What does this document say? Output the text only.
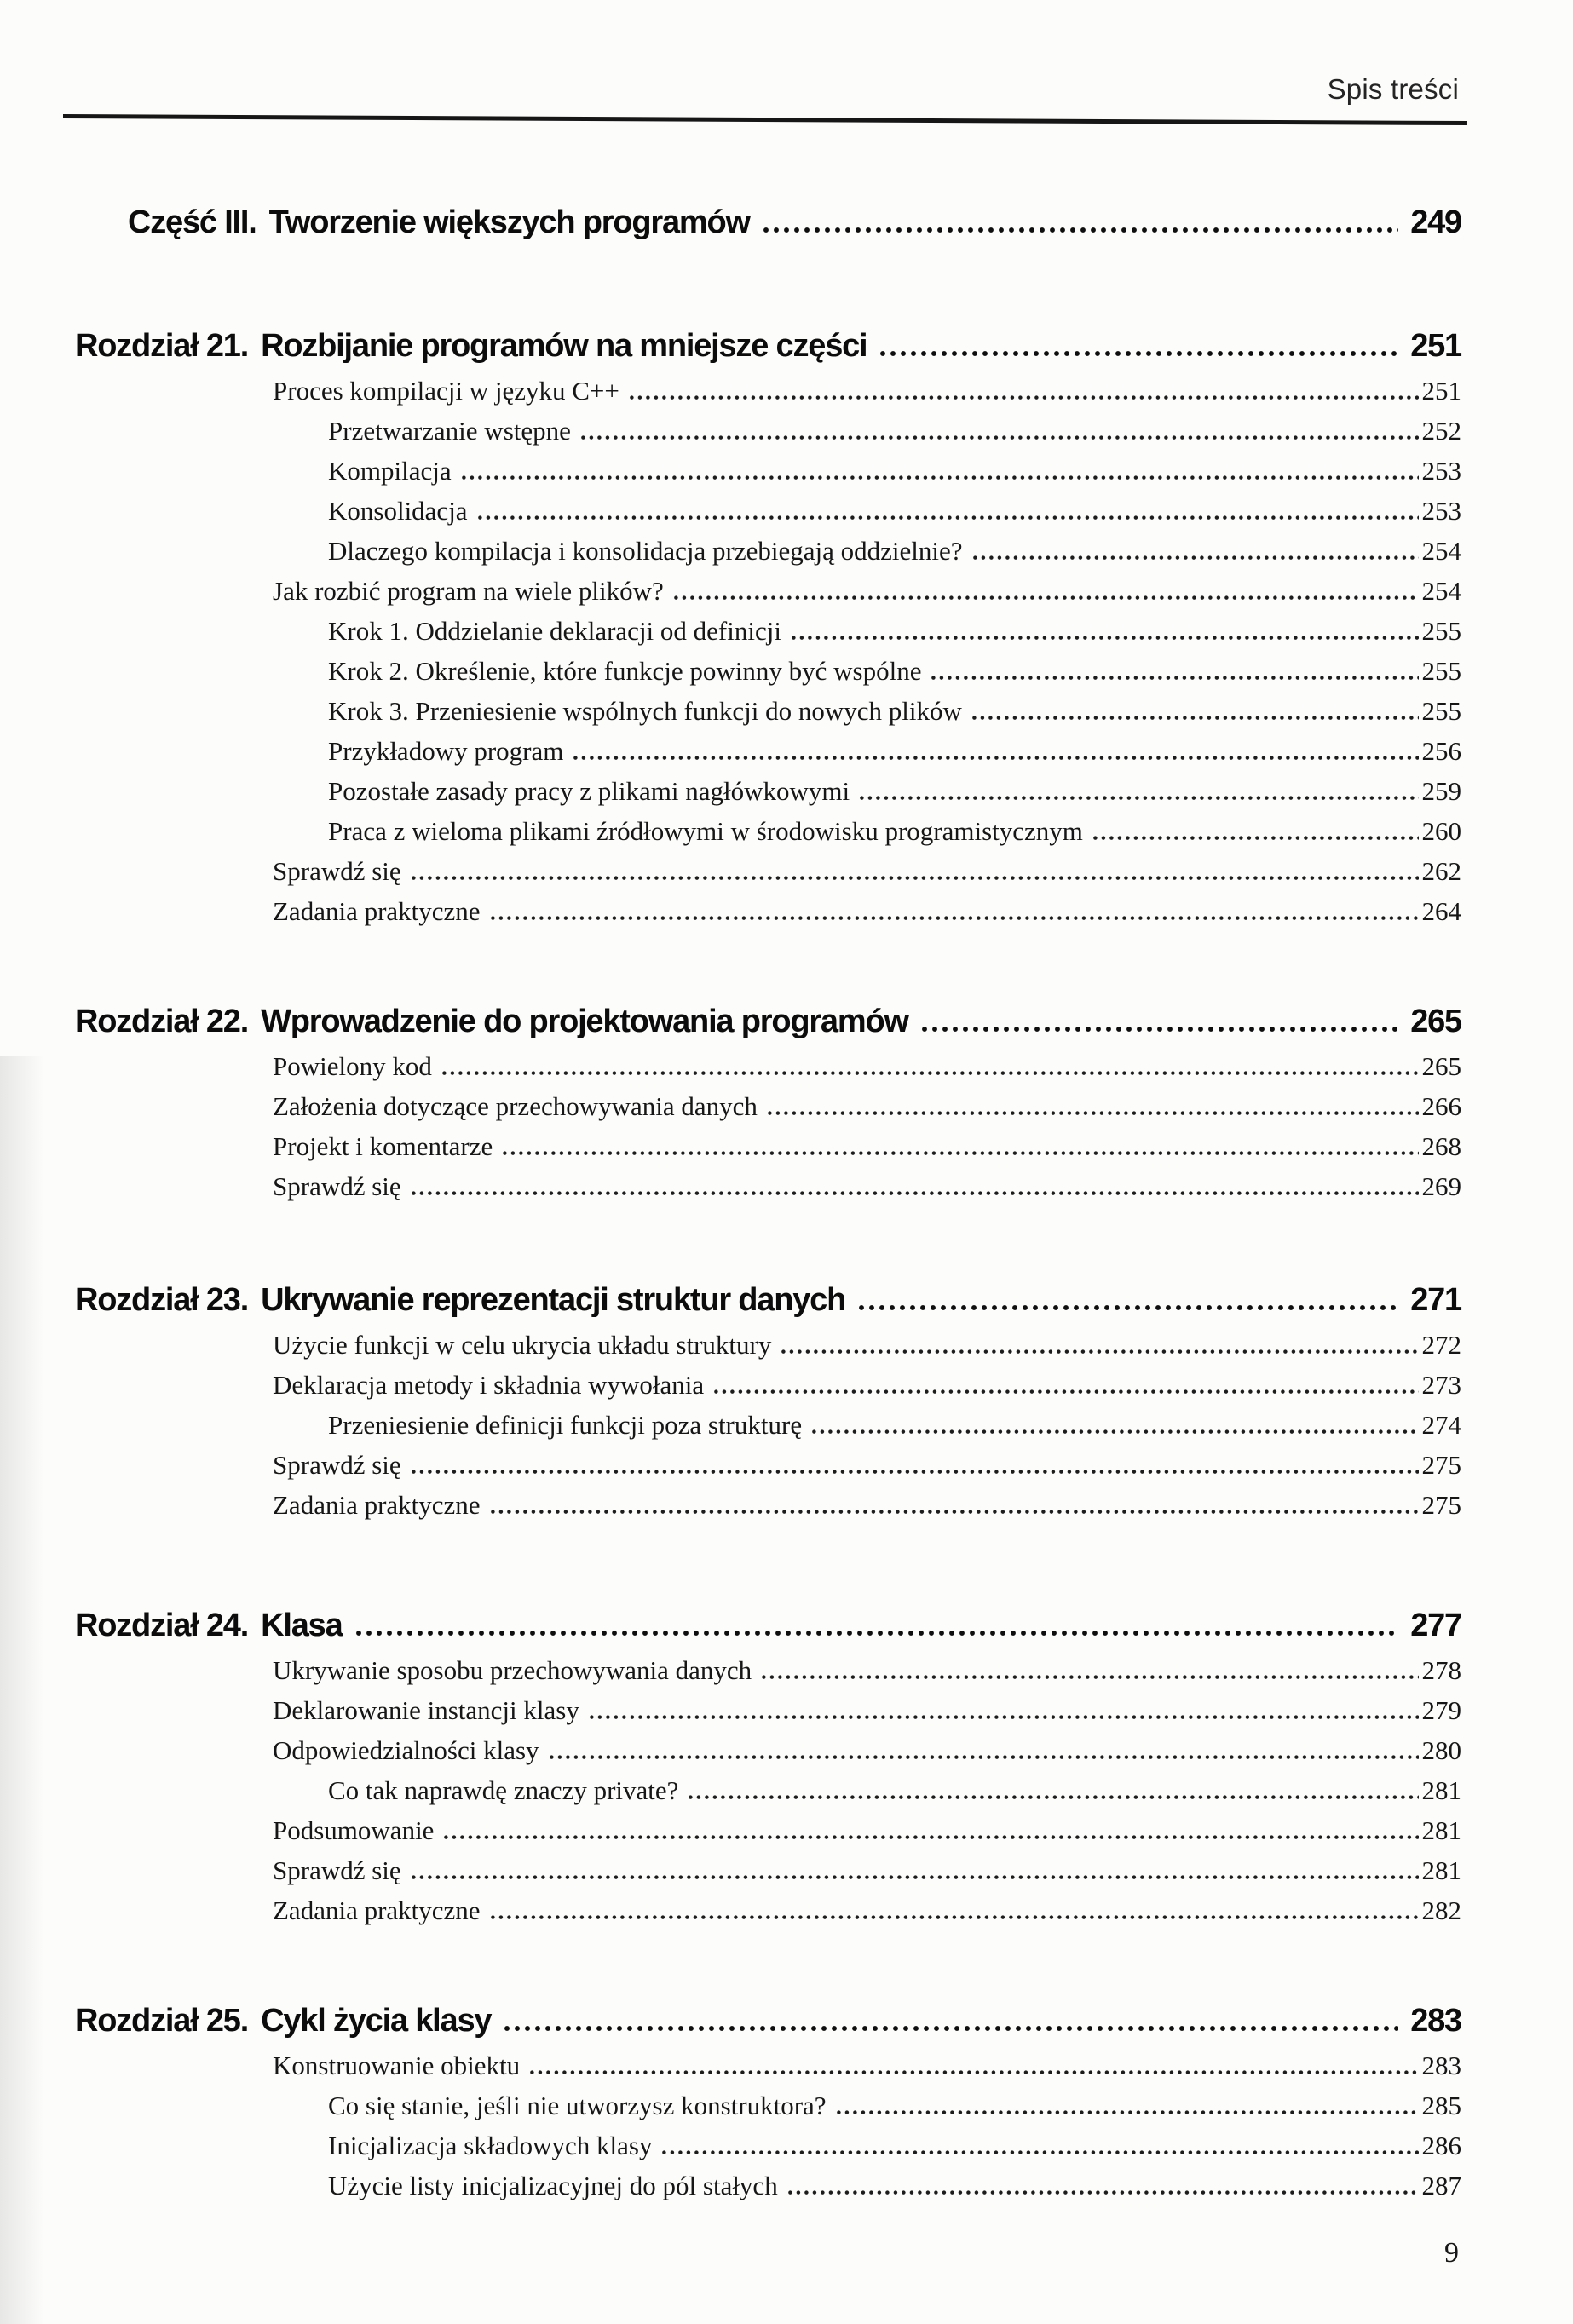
Spis treści
Część III. Tworzenie większych programów	249
Rozdział 21. Rozbijanie programów na mniejsze części	251
Proces kompilacji w języku C++	251
Przetwarzanie wstępne	252
Kompilacja	253
Konsolidacja	253
Dlaczego kompilacja i konsolidacja przebiegają oddzielnie?	254
Jak rozbić program na wiele plików?	254
Krok 1. Oddzielanie deklaracji od definicji	255
Krok 2. Określenie, które funkcje powinny być wspólne	255
Krok 3. Przeniesienie wspólnych funkcji do nowych plików	255
Przykładowy program	256
Pozostałe zasady pracy z plikami nagłówkowymi	259
Praca z wieloma plikami źródłowymi w środowisku programistycznym	260
Sprawdź się	262
Zadania praktyczne	264
Rozdział 22. Wprowadzenie do projektowania programów	265
Powielony kod	265
Założenia dotyczące przechowywania danych	266
Projekt i komentarze	268
Sprawdź się	269
Rozdział 23. Ukrywanie reprezentacji struktur danych	271
Użycie funkcji w celu ukrycia układu struktury	272
Deklaracja metody i składnia wywołania	273
Przeniesienie definicji funkcji poza strukturę	274
Sprawdź się	275
Zadania praktyczne	275
Rozdział 24. Klasa	277
Ukrywanie sposobu przechowywania danych	278
Deklarowanie instancji klasy	279
Odpowiedzialności klasy	280
Co tak naprawdę znaczy private?	281
Podsumowanie	281
Sprawdź się	281
Zadania praktyczne	282
Rozdział 25. Cykl życia klasy	283
Konstruowanie obiektu	283
Co się stanie, jeśli nie utworzysz konstruktora?	285
Inicjalizacja składowych klasy	286
Użycie listy inicjalizacyjnej do pól stałych	287
9
